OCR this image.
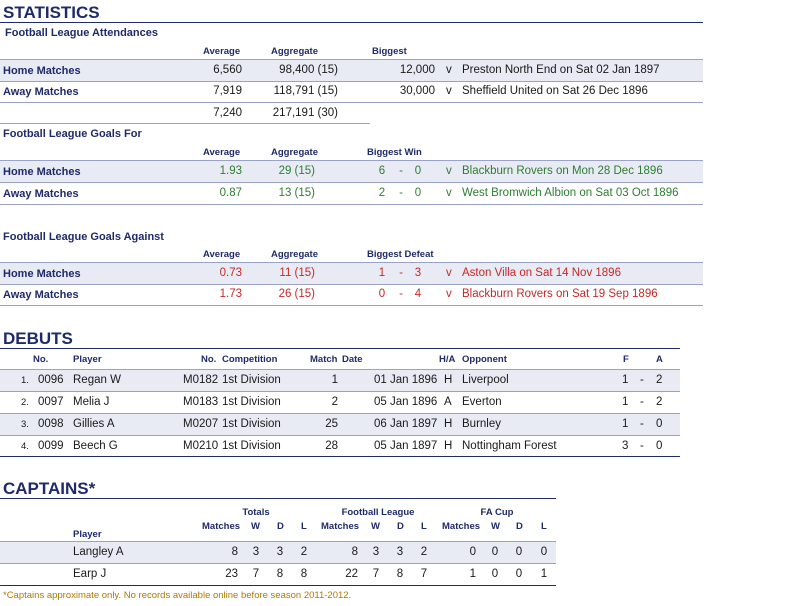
STATISTICS
Football League Attendances
Average	Aggregate	Biggest
Home Matches	6,560	98,400 (15)	12,000 v Preston North End on Sat 02 Jan 1897
Away Matches	7,919	118,791 (15)	30,000 v Sheffield United on Sat 26 Dec 1896
7,240	217,191 (30)
Football League Goals For
Average	Aggregate	Biggest Win
Home Matches	1.93	29 (15)	6 - 0 v Blackburn Rovers on Mon 28 Dec 1896
Away Matches	0.87	13 (15)	2 - 0 v West Bromwich Albion on Sat 03 Oct 1896
Football League Goals Against
Average	Aggregate	Biggest Defeat
Home Matches	0.73	11 (15)	1 - 3 v Aston Villa on Sat 14 Nov 1896
Away Matches	1.73	26 (15)	0 - 4 v Blackburn Rovers on Sat 19 Sep 1896
DEBUTS
No.	Player	No. Competition	Match Date	H/A Opponent	F	A
1. 0096 Regan W	M0182 1st Division	1	01 Jan 1896 H Liverpool	1 - 2
2. 0097 Melia J	M0183 1st Division	2	05 Jan 1896 A Everton	1 - 2
3. 0098 Gillies A	M0207 1st Division	25	06 Jan 1897 H Burnley	1 - 0
4. 0099 Beech G	M0210 1st Division	28	05 Jan 1897 H Nottingham Forest	3 - 0
CAPTAINS*
Totals	Football League	FA Cup
Matches W D L Matches W D L Matches W D L
Player
Langley A	8	3	3	2	8	3	3	2	0	0	0	0
Earp J	23	7	8	8	22	7	8	7	1	0	0	1
*Captains approximate only. No records available online before season 2011-2012.
